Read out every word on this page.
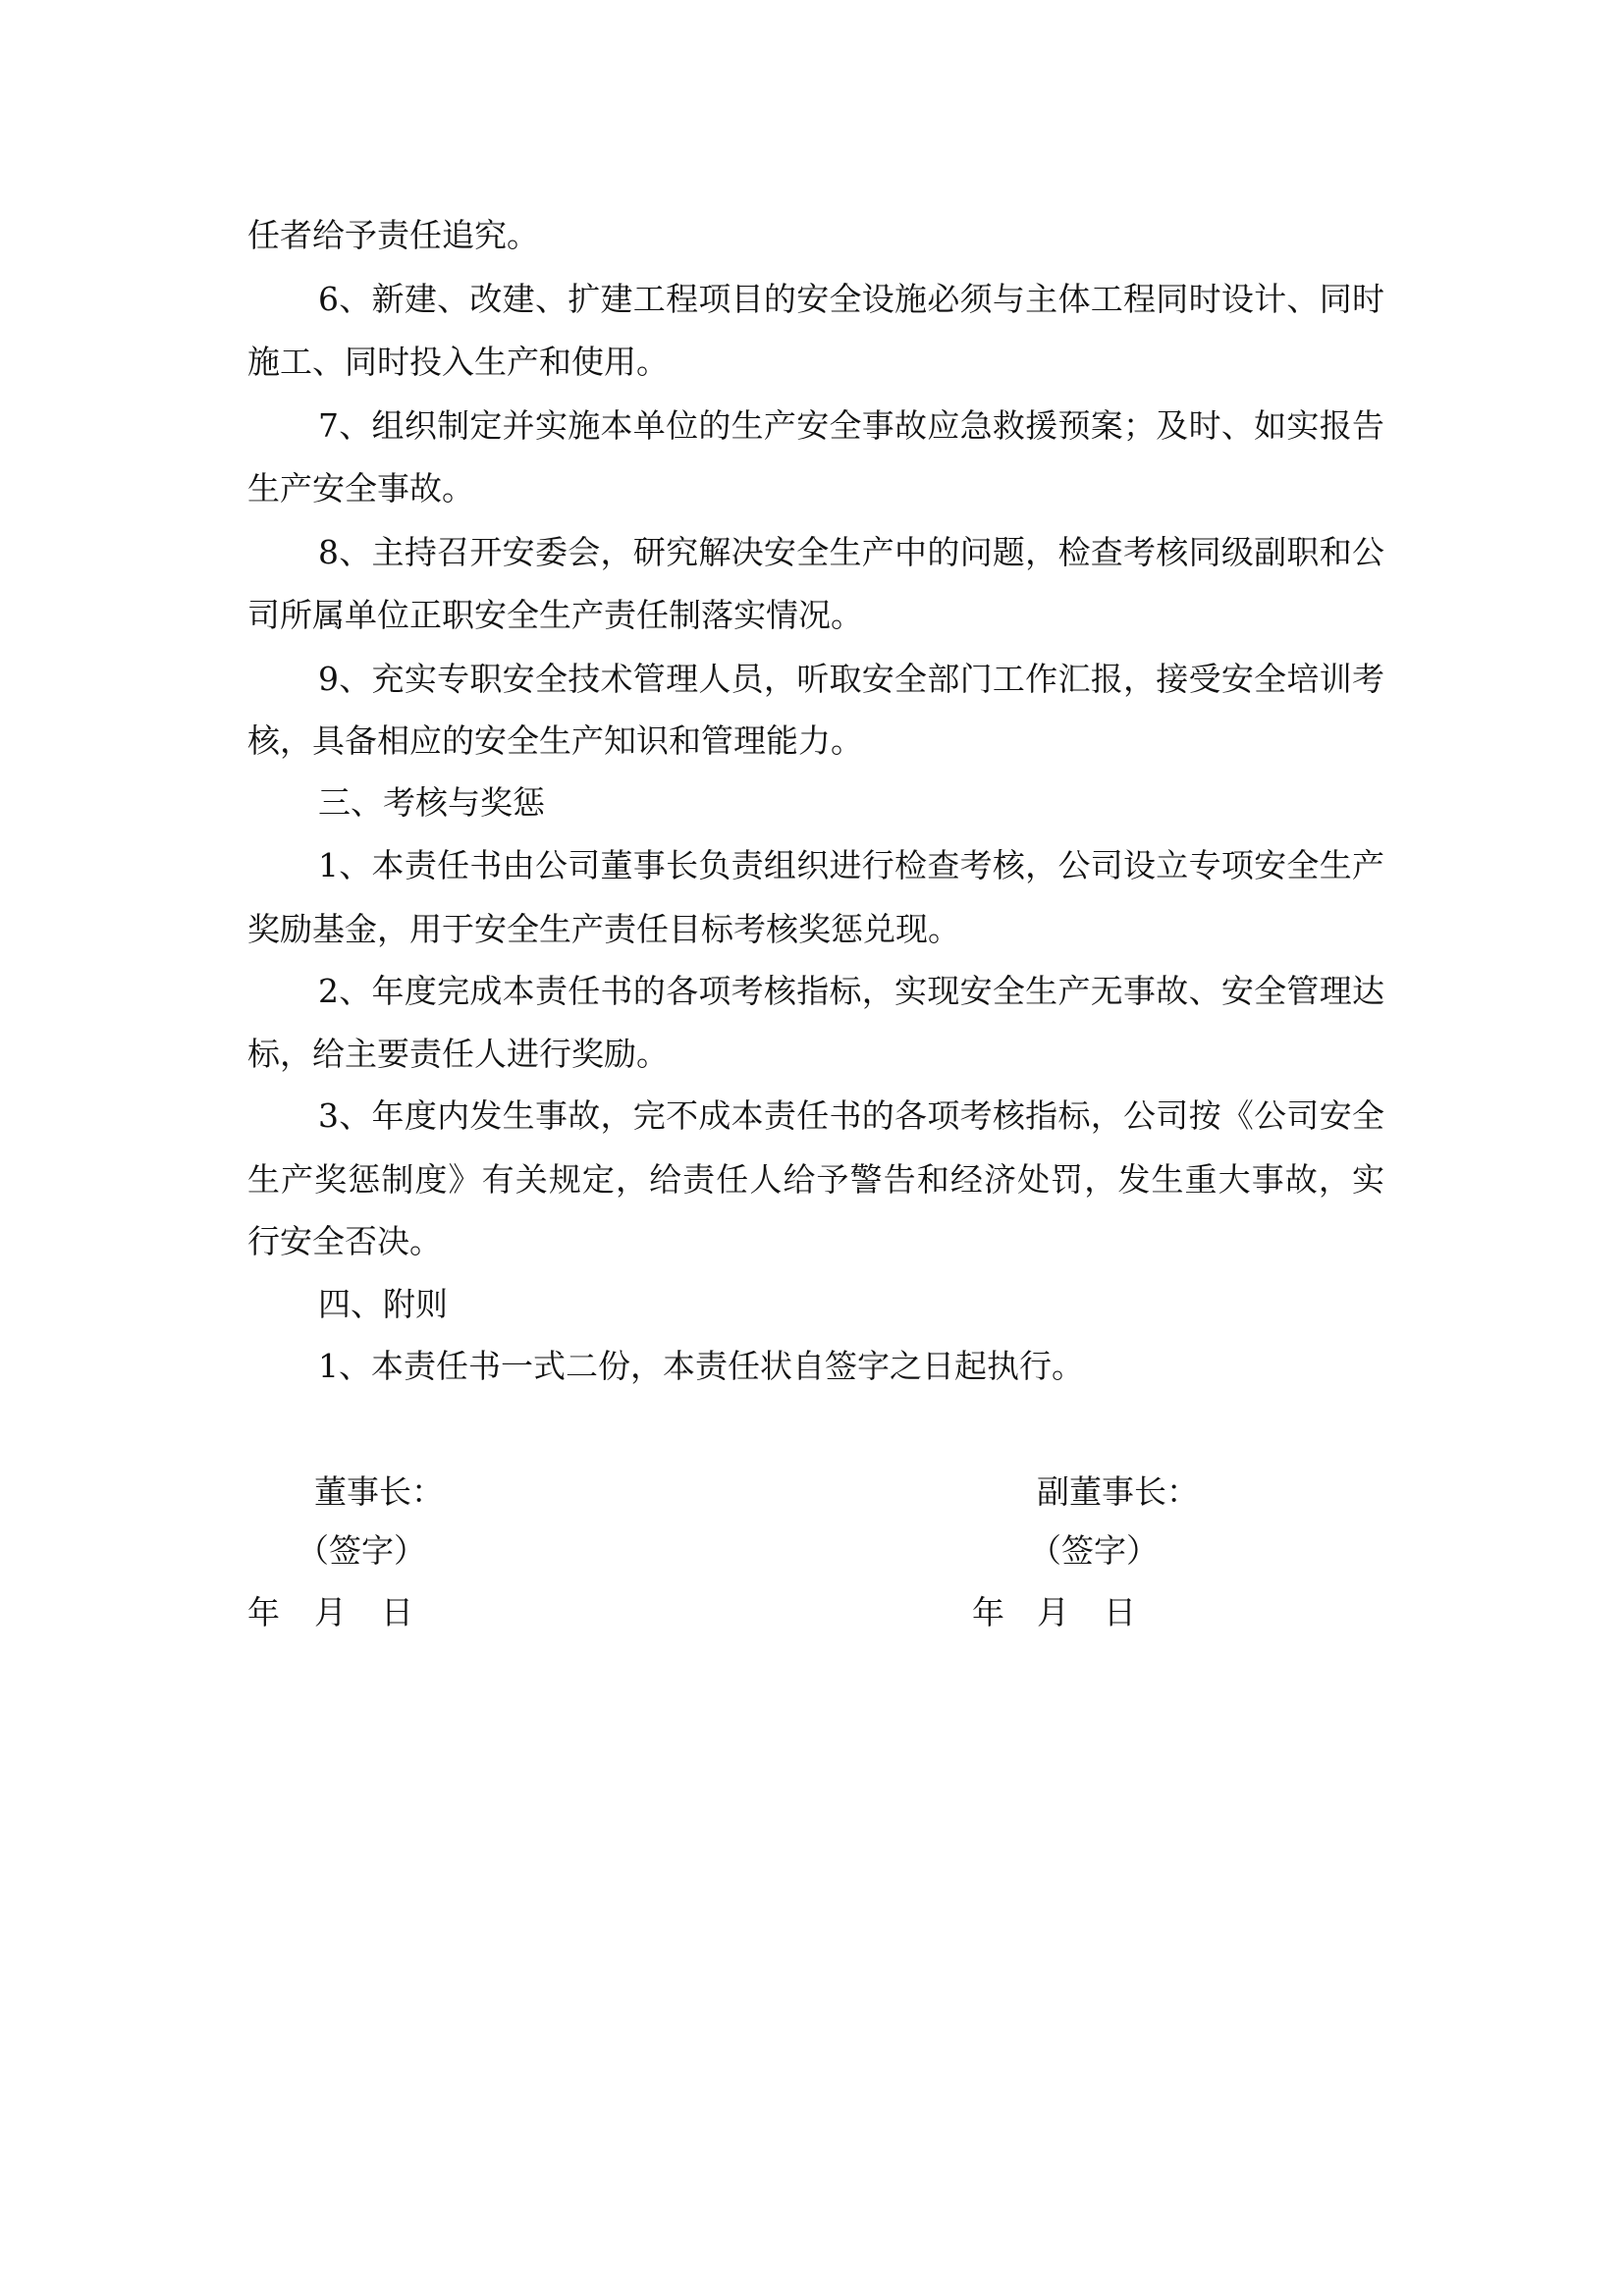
任者给予责任追究。
6、新建、改建、扩建工程项目的安全设施必须与主体工程同时设计、同时
施工、同时投入生产和使用。
7、组织制定并实施本单位的生产安全事故应急救援预案；及时、如实报告
生产安全事故。
8、主持召开安委会，研究解决安全生产中的问题，检查考核同级副职和公
司所属单位正职安全生产责任制落实情况。
9、充实专职安全技术管理人员，听取安全部门工作汇报，接受安全培训考
核，具备相应的安全生产知识和管理能力。
三、考核与奖惩
1、本责任书由公司董事长负责组织进行检查考核，公司设立专项安全生产
奖励基金，用于安全生产责任目标考核奖惩兑现。
2、年度完成本责任书的各项考核指标，实现安全生产无事故、安全管理达
标，给主要责任人进行奖励。
3、年度内发生事故，完不成本责任书的各项考核指标，公司按《公司安全
生产奖惩制度》有关规定，给责任人给予警告和经济处罚，发生重大事故，实
行安全否决。
四、附则
1、本责任书一式二份，本责任状自签字之日起执行。
董事长：
（签字）
年 月 日
副董事长：
（签字）
年 月 日
